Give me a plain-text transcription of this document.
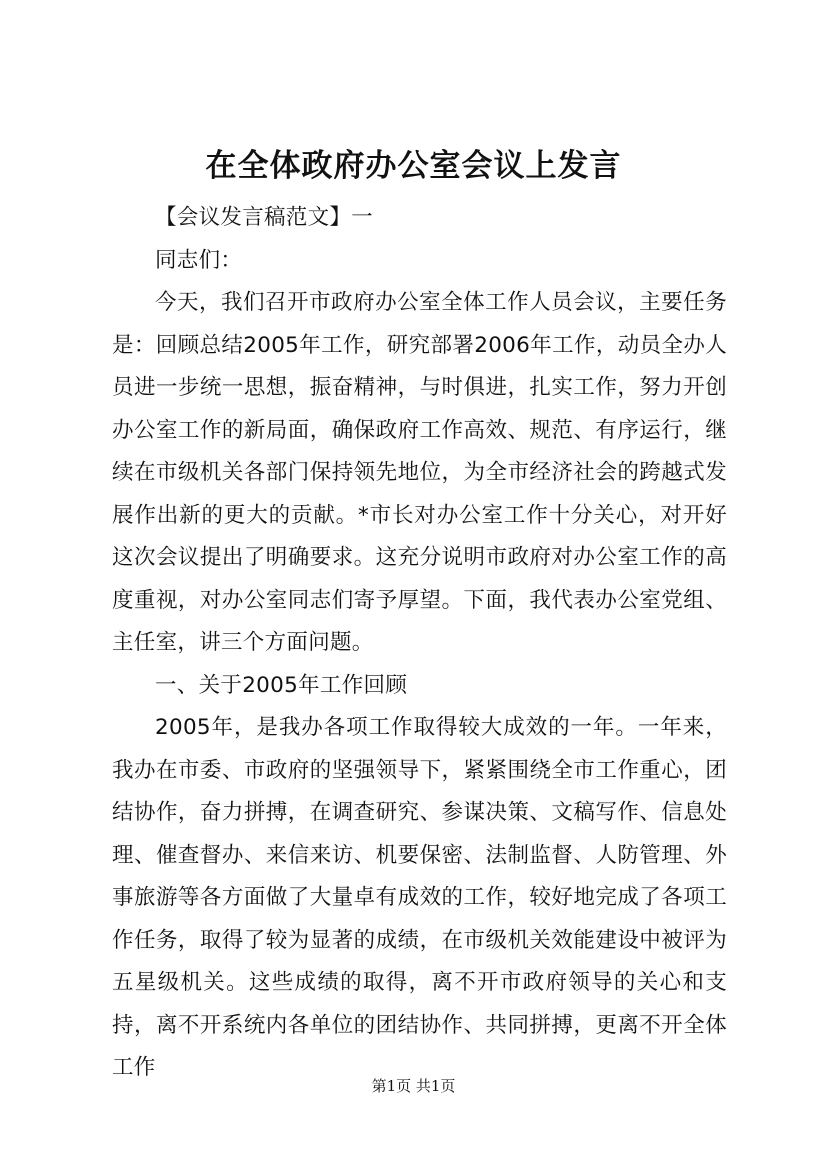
在全体政府办公室会议上发言

【会议发言稿范文】一

同志们：

今天，我们召开市政府办公室全体工作人员会议，主要任务是：回顾总结2005年工作，研究部署2006年工作，动员全办人员进一步统一思想，振奋精神，与时俱进，扎实工作，努力开创办公室工作的新局面，确保政府工作高效、规范、有序运行，继续在市级机关各部门保持领先地位，为全市经济社会的跨越式发展作出新的更大的贡献。*市长对办公室工作十分关心，对开好这次会议提出了明确要求。这充分说明市政府对办公室工作的高度重视，对办公室同志们寄予厚望。下面，我代表办公室党组、主任室，讲三个方面问题。

一、关于2005年工作回顾

2005年，是我办各项工作取得较大成效的一年。一年来，我办在市委、市政府的坚强领导下，紧紧围绕全市工作重心，团结协作，奋力拼搏，在调查研究、参谋决策、文稿写作、信息处理、催查督办、来信来访、机要保密、法制监督、人防管理、外事旅游等各方面做了大量卓有成效的工作，较好地完成了各项工作任务，取得了较为显著的成绩，在市级机关效能建设中被评为五星级机关。这些成绩的取得，离不开市政府领导的关心和支持，离不开系统内各单位的团结协作、共同拼搏，更离不开全体工作

第1页 共1页
